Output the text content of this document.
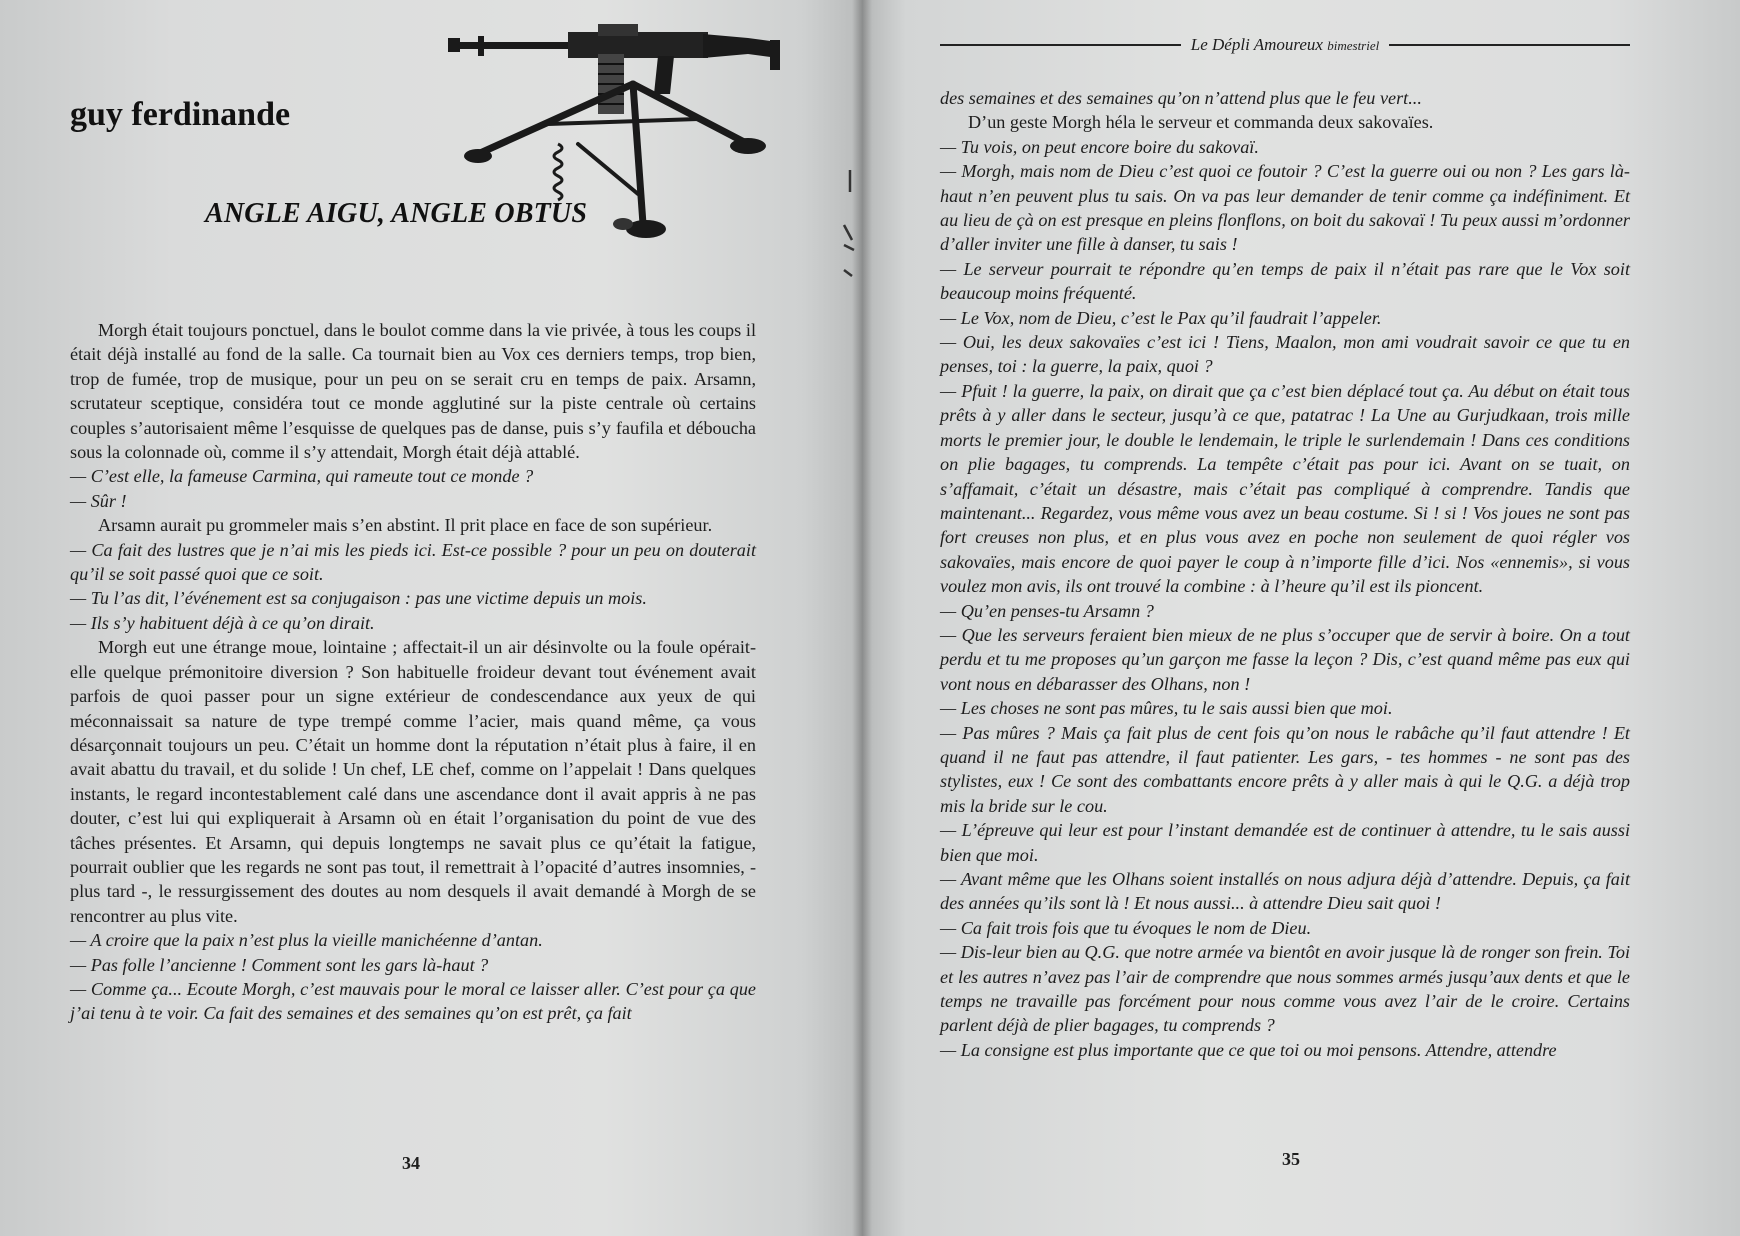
guy ferdinande
ANGLE AIGU, ANGLE OBTUS

Morgh était toujours ponctuel, dans le boulot comme dans la vie privée, à tous les coups il était déjà installé au fond de la salle. Ca tournait bien au Vox ces derniers temps, trop bien, trop de fumée, trop de musique, pour un peu on se serait cru en temps de paix. Arsamn, scrutateur sceptique, considéra tout ce monde agglutiné sur la piste centrale où certains couples s’autorisaient même l’esquisse de quelques pas de danse, puis s’y faufila et déboucha sous la colonnade où, comme il s’y attendait, Morgh était déjà attablé.

— C’est elle, la fameuse Carmina, qui rameute tout ce monde ?

— Sûr !

Arsamn aurait pu grommeler mais s’en abstint. Il prit place en face de son supérieur.

— Ca fait des lustres que je n’ai mis les pieds ici. Est-ce possible ? pour un peu on douterait qu’il se soit passé quoi que ce soit.

— Tu l’as dit, l’événement est sa conjugaison : pas une victime depuis un mois.

— Ils s’y habituent déjà à ce qu’on dirait.

Morgh eut une étrange moue, lointaine ; affectait-il un air désinvolte ou la foule opérait-elle quelque prémonitoire diversion ? Son habituelle froideur devant tout événement avait parfois de quoi passer pour un signe extérieur de condescendance aux yeux de qui méconnaissait sa nature de type trempé comme l’acier, mais quand même, ça vous désarçonnait toujours un peu. C’était un homme dont la réputation n’était plus à faire, il en avait abattu du travail, et du solide ! Un chef, LE chef, comme on l’appelait ! Dans quelques instants, le regard incontestablement calé dans une ascendance dont il avait appris à ne pas douter, c’est lui qui expliquerait à Arsamn où en était l’organisation du point de vue des tâches présentes. Et Arsamn, qui depuis longtemps ne savait plus ce qu’était la fatigue, pourrait oublier que les regards ne sont pas tout, il remettrait à l’opacité d’autres insomnies, - plus tard -, le ressurgissement des doutes au nom desquels il avait demandé à Morgh de se rencontrer au plus vite.

— A croire que la paix n’est plus la vieille manichéenne d’antan.

— Pas folle l’ancienne ! Comment sont les gars là-haut ?

— Comme ça... Ecoute Morgh, c’est mauvais pour le moral ce laisser aller. C’est pour ça que j’ai tenu à te voir. Ca fait des semaines et des semaines qu’on est prêt, ça fait

34
Le Dépli Amoureux bimestriel

des semaines et des semaines qu’on n’attend plus que le feu vert...

D’un geste Morgh héla le serveur et commanda deux sakovaïes.

— Tu vois, on peut encore boire du sakovaï.

— Morgh, mais nom de Dieu c’est quoi ce foutoir ? C’est la guerre oui ou non ? Les gars là-haut n’en peuvent plus tu sais. On va pas leur demander de tenir comme ça indéfiniment. Et au lieu de çà on est presque en pleins flonflons, on boit du sakovaï ! Tu peux aussi m’ordonner d’aller inviter une fille à danser, tu sais !

— Le serveur pourrait te répondre qu’en temps de paix il n’était pas rare que le Vox soit beaucoup moins fréquenté.

— Le Vox, nom de Dieu, c’est le Pax qu’il faudrait l’appeler.

— Oui, les deux sakovaïes c’est ici ! Tiens, Maalon, mon ami voudrait savoir ce que tu en penses, toi : la guerre, la paix, quoi ?

— Pfuit ! la guerre, la paix, on dirait que ça c’est bien déplacé tout ça. Au début on était tous prêts à y aller dans le secteur, jusqu’à ce que, patatrac ! La Une au Gurjudkaan, trois mille morts le premier jour, le double le lendemain, le triple le surlendemain ! Dans ces conditions on plie bagages, tu comprends. La tempête c’était pas pour ici. Avant on se tuait, on s’affamait, c’était un désastre, mais c’était pas compliqué à comprendre. Tandis que maintenant... Regardez, vous même vous avez un beau costume. Si ! si ! Vos joues ne sont pas fort creuses non plus, et en plus vous avez en poche non seulement de quoi régler vos sakovaïes, mais encore de quoi payer le coup à n’importe fille d’ici. Nos «ennemis», si vous voulez mon avis, ils ont trouvé la combine : à l’heure qu’il est ils pioncent.

— Qu’en penses-tu Arsamn ?

— Que les serveurs feraient bien mieux de ne plus s’occuper que de servir à boire. On a tout perdu et tu me proposes qu’un garçon me fasse la leçon ? Dis, c’est quand même pas eux qui vont nous en débarasser des Olhans, non !

— Les choses ne sont pas mûres, tu le sais aussi bien que moi.

— Pas mûres ? Mais ça fait plus de cent fois qu’on nous le rabâche qu’il faut attendre ! Et quand il ne faut pas attendre, il faut patienter. Les gars, - tes hommes - ne sont pas des stylistes, eux ! Ce sont des combattants encore prêts à y aller mais à qui le Q.G. a déjà trop mis la bride sur le cou.

— L’épreuve qui leur est pour l’instant demandée est de continuer à attendre, tu le sais aussi bien que moi.

— Avant même que les Olhans soient installés on nous adjura déjà d’attendre. Depuis, ça fait des années qu’ils sont là ! Et nous aussi... à attendre Dieu sait quoi !

— Ca fait trois fois que tu évoques le nom de Dieu.

— Dis-leur bien au Q.G. que notre armée va bientôt en avoir jusque là de ronger son frein. Toi et les autres n’avez pas l’air de comprendre que nous sommes armés jusqu’aux dents et que le temps ne travaille pas forcément pour nous comme vous avez l’air de le croire. Certains parlent déjà de plier bagages, tu comprends ?

— La consigne est plus importante que ce que toi ou moi pensons. Attendre, attendre

35
